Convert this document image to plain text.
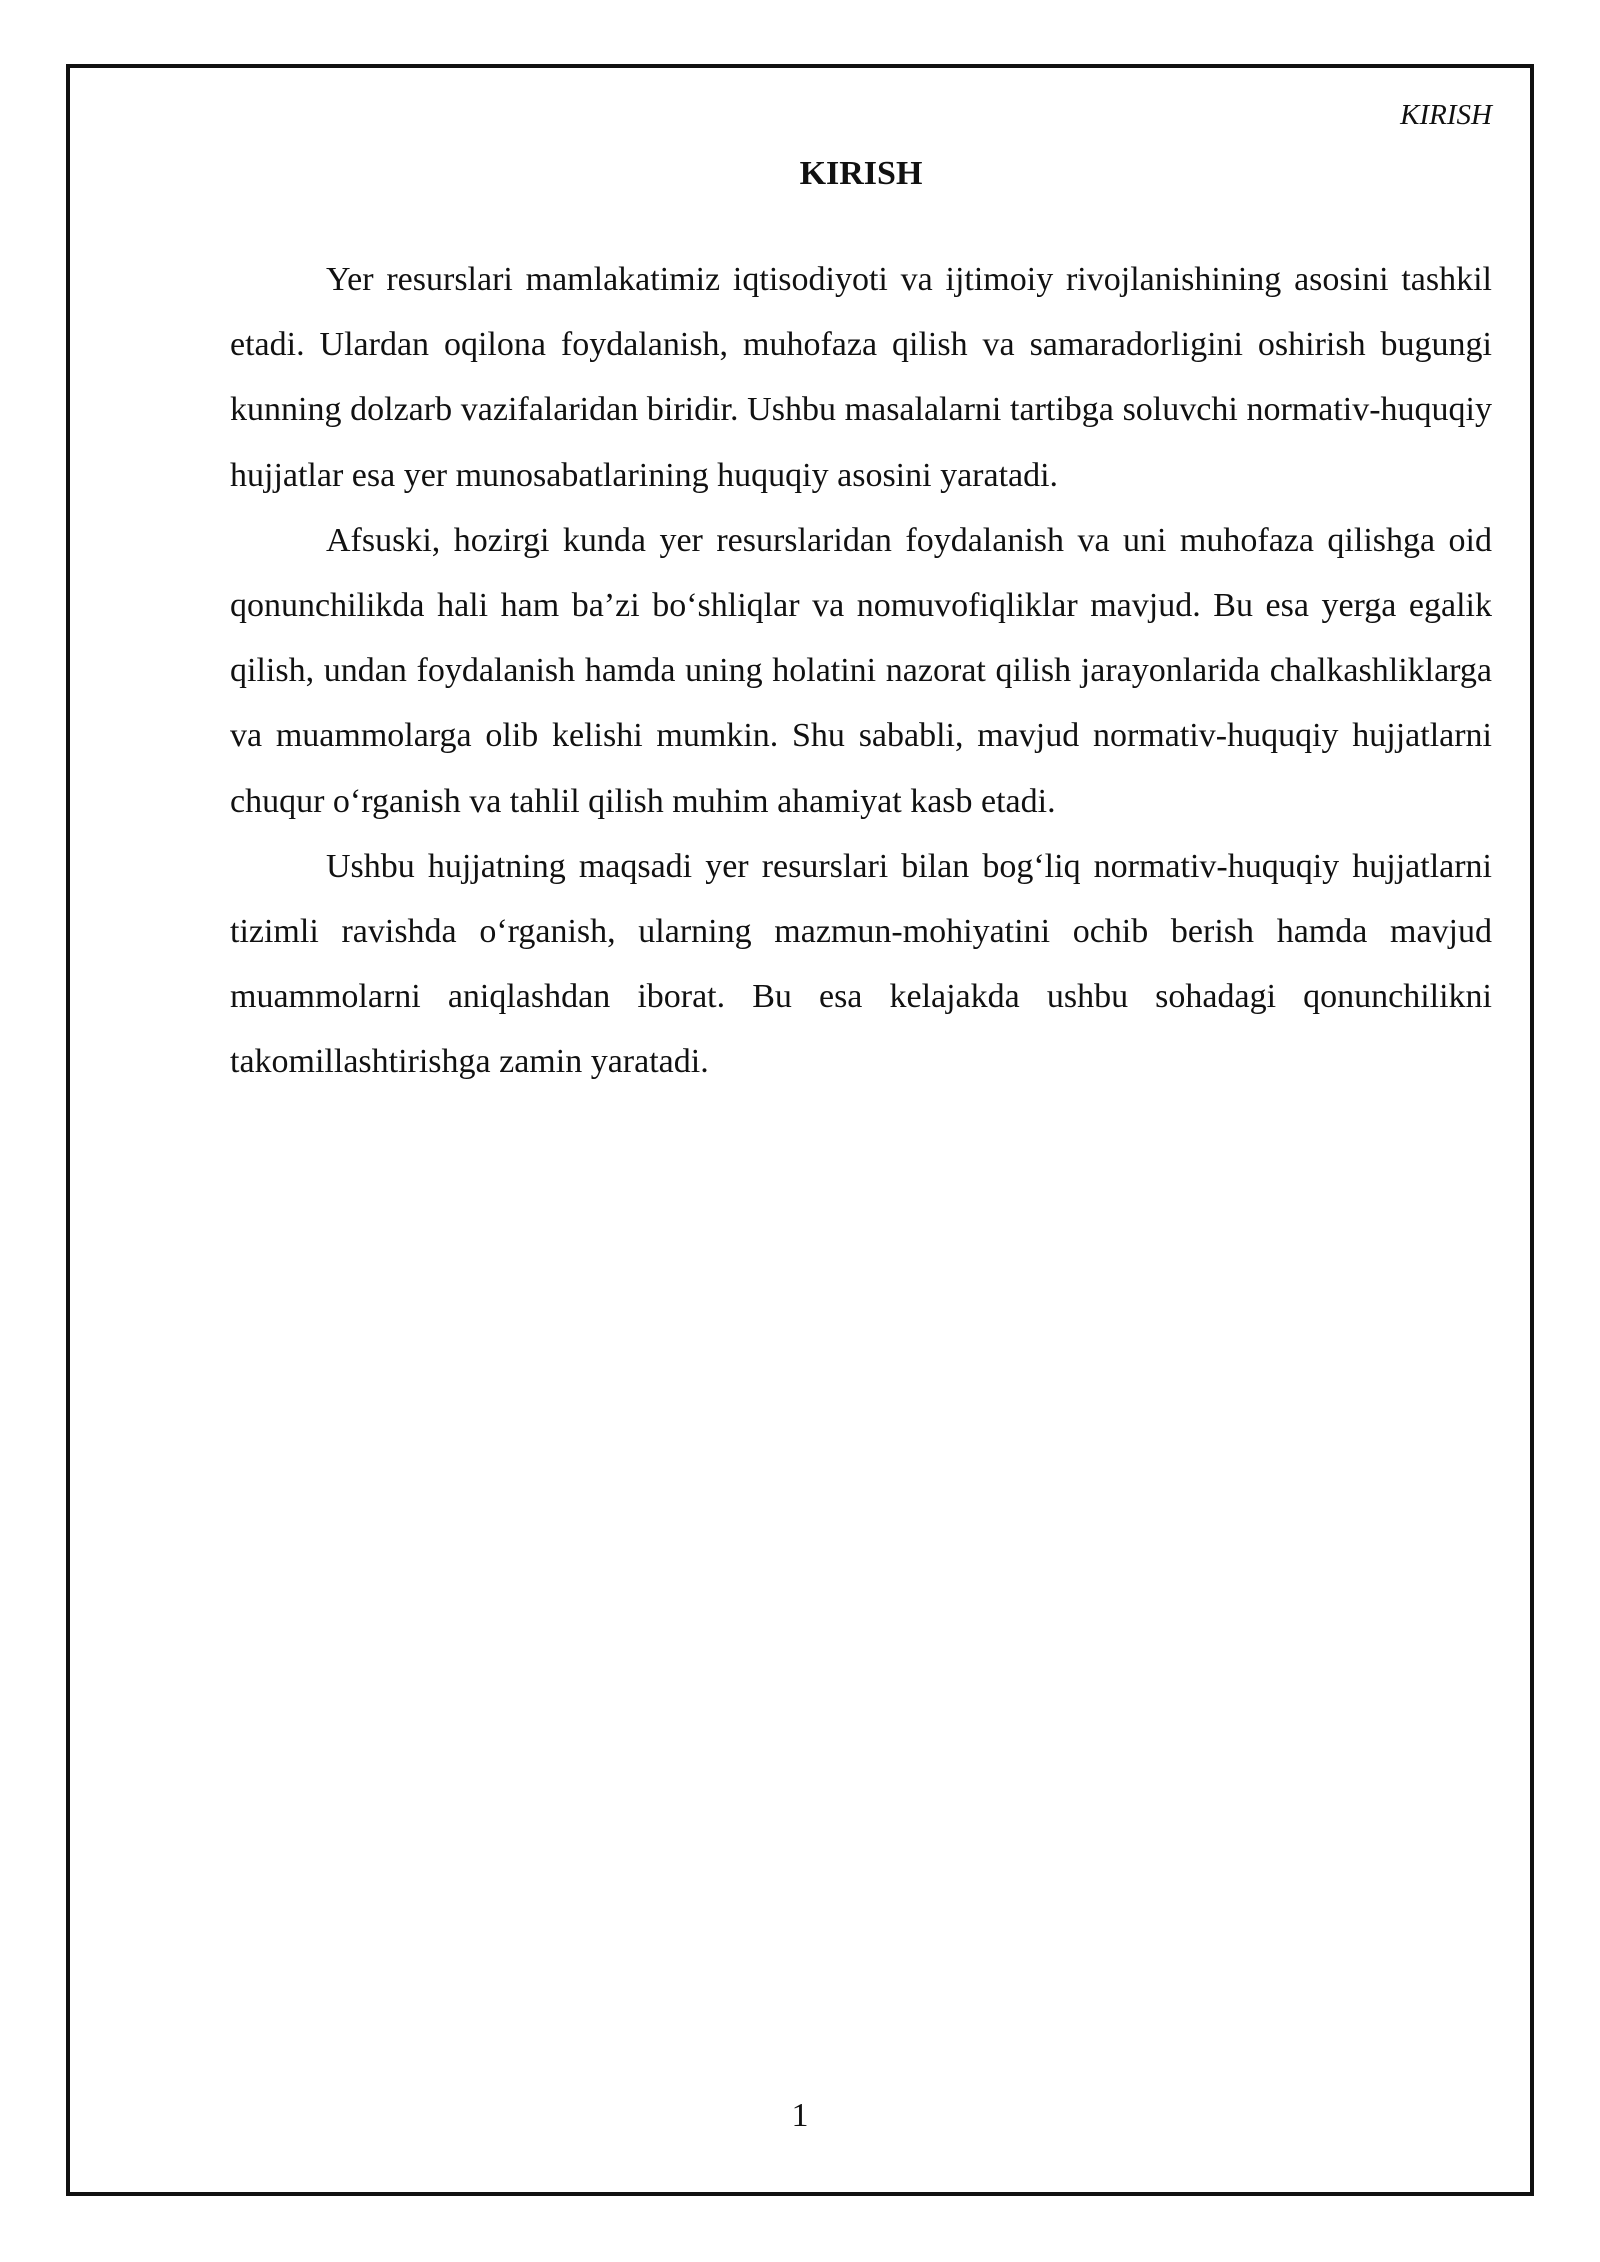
KIRISH
KIRISH

Yer resurslari mamlakatimiz iqtisodiyoti va ijtimoiy rivojlanishining asosini tashkil etadi. Ulardan oqilona foydalanish, muhofaza qilish va samaradorligini oshirish bugungi kunning dolzarb vazifalaridan biridir. Ushbu masalalarni tartibga soluvchi normativ-huquqiy hujjatlar esa yer munosabatlarining huquqiy asosini yaratadi.

Afsuski, hozirgi kunda yer resurslaridan foydalanish va uni muhofaza qilishga oid qonunchilikda hali ham ba’zi bo‘shliqlar va nomuvofiqliklar mavjud. Bu esa yerga egalik qilish, undan foydalanish hamda uning holatini nazorat qilish jarayonlarida chalkashliklarga va muammolarga olib kelishi mumkin. Shu sababli, mavjud normativ-huquqiy hujjatlarni chuqur o‘rganish va tahlil qilish muhim ahamiyat kasb etadi.

Ushbu hujjatning maqsadi yer resurslari bilan bog‘liq normativ-huquqiy hujjatlarni tizimli ravishda o‘rganish, ularning mazmun-mohiyatini ochib berish hamda mavjud muammolarni aniqlashdan iborat. Bu esa kelajakda ushbu sohadagi qonunchilikni takomillashtirishga zamin yaratadi.

1
